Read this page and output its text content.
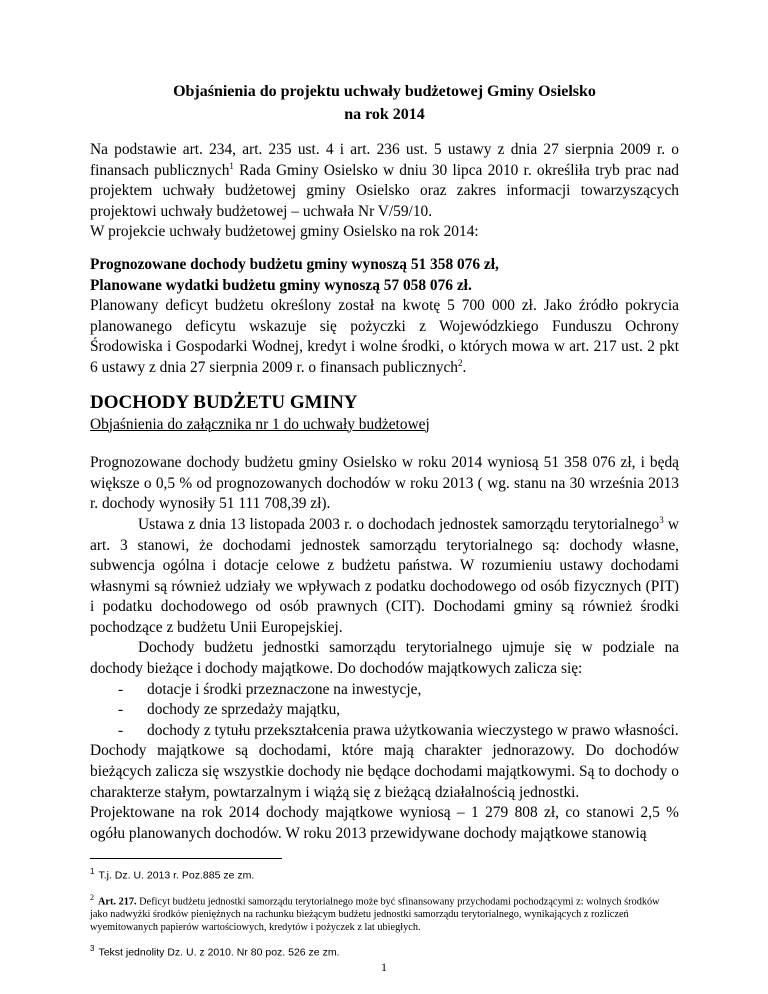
Objaśnienia do projektu uchwały budżetowej Gminy Osielsko
na rok 2014

Na podstawie art. 234, art. 235 ust. 4 i art. 236 ust. 5 ustawy z dnia 27 sierpnia 2009 r. o finansach publicznych$^1$ Rada Gminy Osielsko w dniu 30 lipca 2010 r. określiła tryb prac nad projektem uchwały budżetowej gminy Osielsko oraz zakres informacji towarzyszących projektowi uchwały budżetowej – uchwała Nr V/59/10.

W projekcie uchwały budżetowej gminy Osielsko na rok 2014:

Prognozowane dochody budżetu gminy wynoszą 51 358 076 zł,

Planowane wydatki budżetu gminy wynoszą 57 058 076 zł.

Planowany deficyt budżetu określony został na kwotę 5 700 000 zł. Jako źródło pokrycia planowanego deficytu wskazuje się pożyczki z Wojewódzkiego Funduszu Ochrony Środowiska i Gospodarki Wodnej, kredyt i wolne środki, o których mowa w art. 217 ust. 2 pkt 6 ustawy z dnia 27 sierpnia 2009 r. o finansach publicznych$^2$.

DOCHODY BUDŻETU GMINY

Objaśnienia do załącznika nr 1 do uchwały budżetowej

Prognozowane dochody budżetu gminy Osielsko w roku 2014 wyniosą 51 358 076 zł, i będą większe o 0,5 % od prognozowanych dochodów w roku 2013 ( wg. stanu na 30 września 2013 r. dochody wynosiły 51 111 708,39 zł).

Ustawa z dnia 13 listopada 2003 r. o dochodach jednostek samorządu terytorialnego$^3$ w art. 3 stanowi, że dochodami jednostek samorządu terytorialnego są: dochody własne, subwencja ogólna i dotacje celowe z budżetu państwa. W rozumieniu ustawy dochodami własnymi są również udziały we wpływach z podatku dochodowego od osób fizycznych (PIT) i podatku dochodowego od osób prawnych (CIT). Dochodami gminy są również środki pochodzące z budżetu Unii Europejskiej.

Dochody budżetu jednostki samorządu terytorialnego ujmuje się w podziale na dochody bieżące i dochody majątkowe. Do dochodów majątkowych zalicza się:

- dotacje i środki przeznaczone na inwestycje,
- dochody ze sprzedaży majątku,
- dochody z tytułu przekształcenia prawa użytkowania wieczystego w prawo własności.

Dochody majątkowe są dochodami, które mają charakter jednorazowy. Do dochodów bieżących zalicza się wszystkie dochody nie będące dochodami majątkowymi. Są to dochody o charakterze stałym, powtarzalnym i wiążą się z bieżącą działalnością jednostki.

Projektowane na rok 2014 dochody majątkowe wyniosą – 1 279 808 zł, co stanowi 2,5 % ogółu planowanych dochodów. W roku 2013 przewidywane dochody majątkowe stanowią

$^1$ T.j. Dz. U. 2013 r. Poz.885 ze zm.

$^2$ Art. 217. Deficyt budżetu jednostki samorządu terytorialnego może być sfinansowany przychodami pochodzącymi z: wolnych środków jako nadwyżki środków pieniężnych na rachunku bieżącym budżetu jednostki samorządu terytorialnego, wynikających z rozliczeń wyemitowanych papierów wartościowych, kredytów i pożyczek z lat ubiegłych.

$^3$ Tekst jednolity Dz. U. z 2010. Nr 80 poz. 526 ze zm.

1
